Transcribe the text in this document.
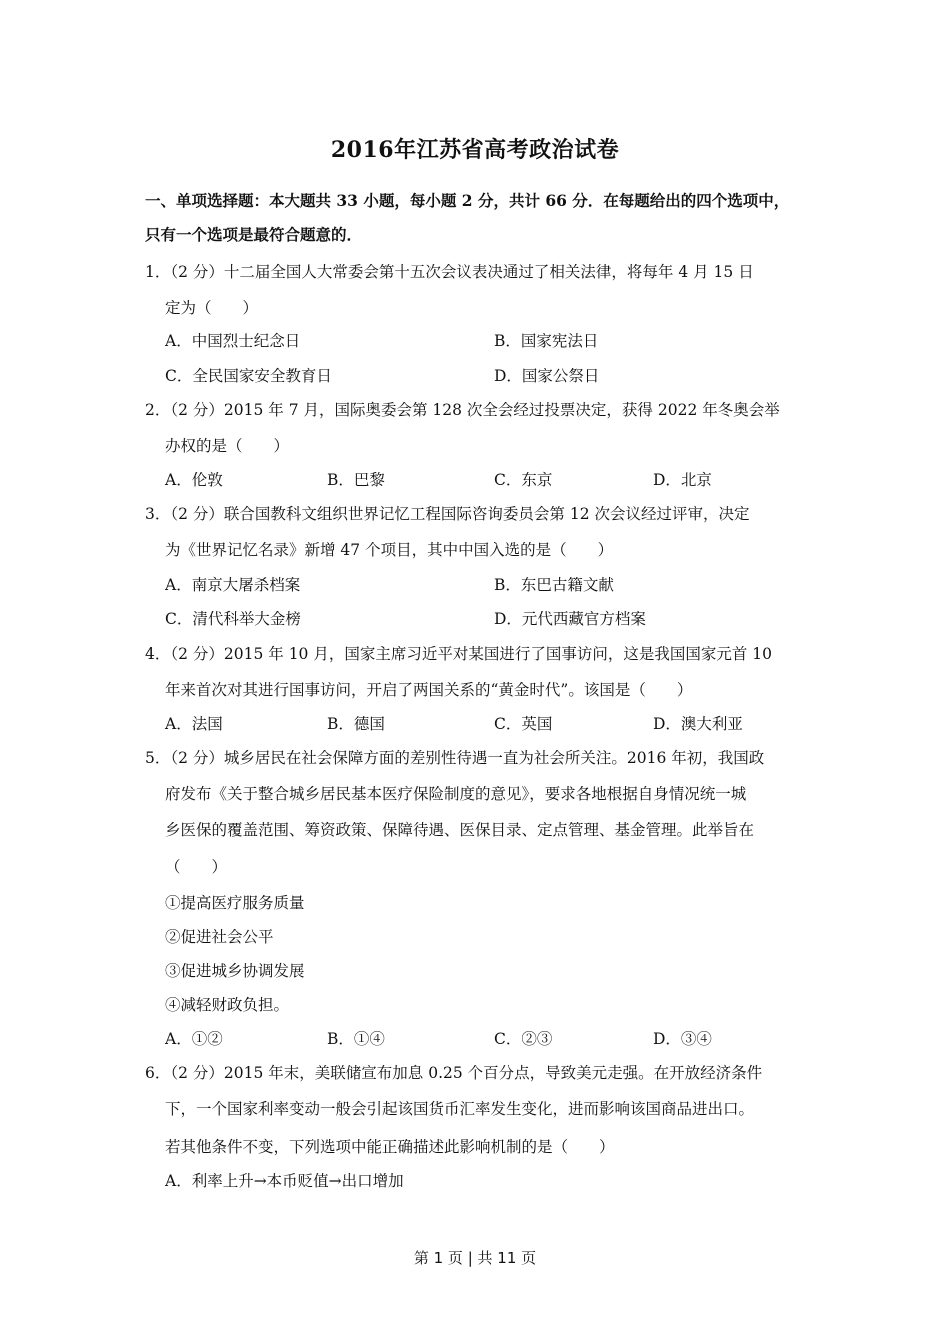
2016年江苏省高考政治试卷
一、单项选择题：本大题共 33 小题，每小题 2 分，共计 66 分．在每题给出的四个选项中，
只有一个选项是最符合题意的．
1．（2 分）十二届全国人大常委会第十五次会议表决通过了相关法律，将每年 4 月 15 日
定为（　　）
A．中国烈士纪念日	B．国家宪法日
C．全民国家安全教育日	D．国家公祭日
2．（2 分）2015 年 7 月，国际奥委会第 128 次全会经过投票决定，获得 2022 年冬奥会举
办权的是（　　）
A．伦敦	B．巴黎	C．东京	D．北京
3．（2 分）联合国教科文组织世界记忆工程国际咨询委员会第 12 次会议经过评审，决定
为《世界记忆名录》新增 47 个项目，其中中国入选的是（　　）
A．南京大屠杀档案	B．东巴古籍文献
C．清代科举大金榜	D．元代西藏官方档案
4．（2 分）2015 年 10 月，国家主席习近平对某国进行了国事访问，这是我国国家元首 10
年来首次对其进行国事访问，开启了两国关系的“黄金时代”。该国是（　　）
A．法国	B．德国	C．英国	D．澳大利亚
5．（2 分）城乡居民在社会保障方面的差别性待遇一直为社会所关注。2016 年初，我国政
府发布《关于整合城乡居民基本医疗保险制度的意见》，要求各地根据自身情况统一城
乡医保的覆盖范围、筹资政策、保障待遇、医保目录、定点管理、基金管理。此举旨在
（　　）
①提高医疗服务质量
②促进社会公平
③促进城乡协调发展
④减轻财政负担。
A．①②	B．①④	C．②③	D．③④
6．（2 分）2015 年末，美联储宣布加息 0.25 个百分点，导致美元走强。在开放经济条件
下，一个国家利率变动一般会引起该国货币汇率发生变化，进而影响该国商品进出口。
若其他条件不变，下列选项中能正确描述此影响机制的是（　　）
A．利率上升→本币贬值→出口增加
第 1 页 | 共 11 页
